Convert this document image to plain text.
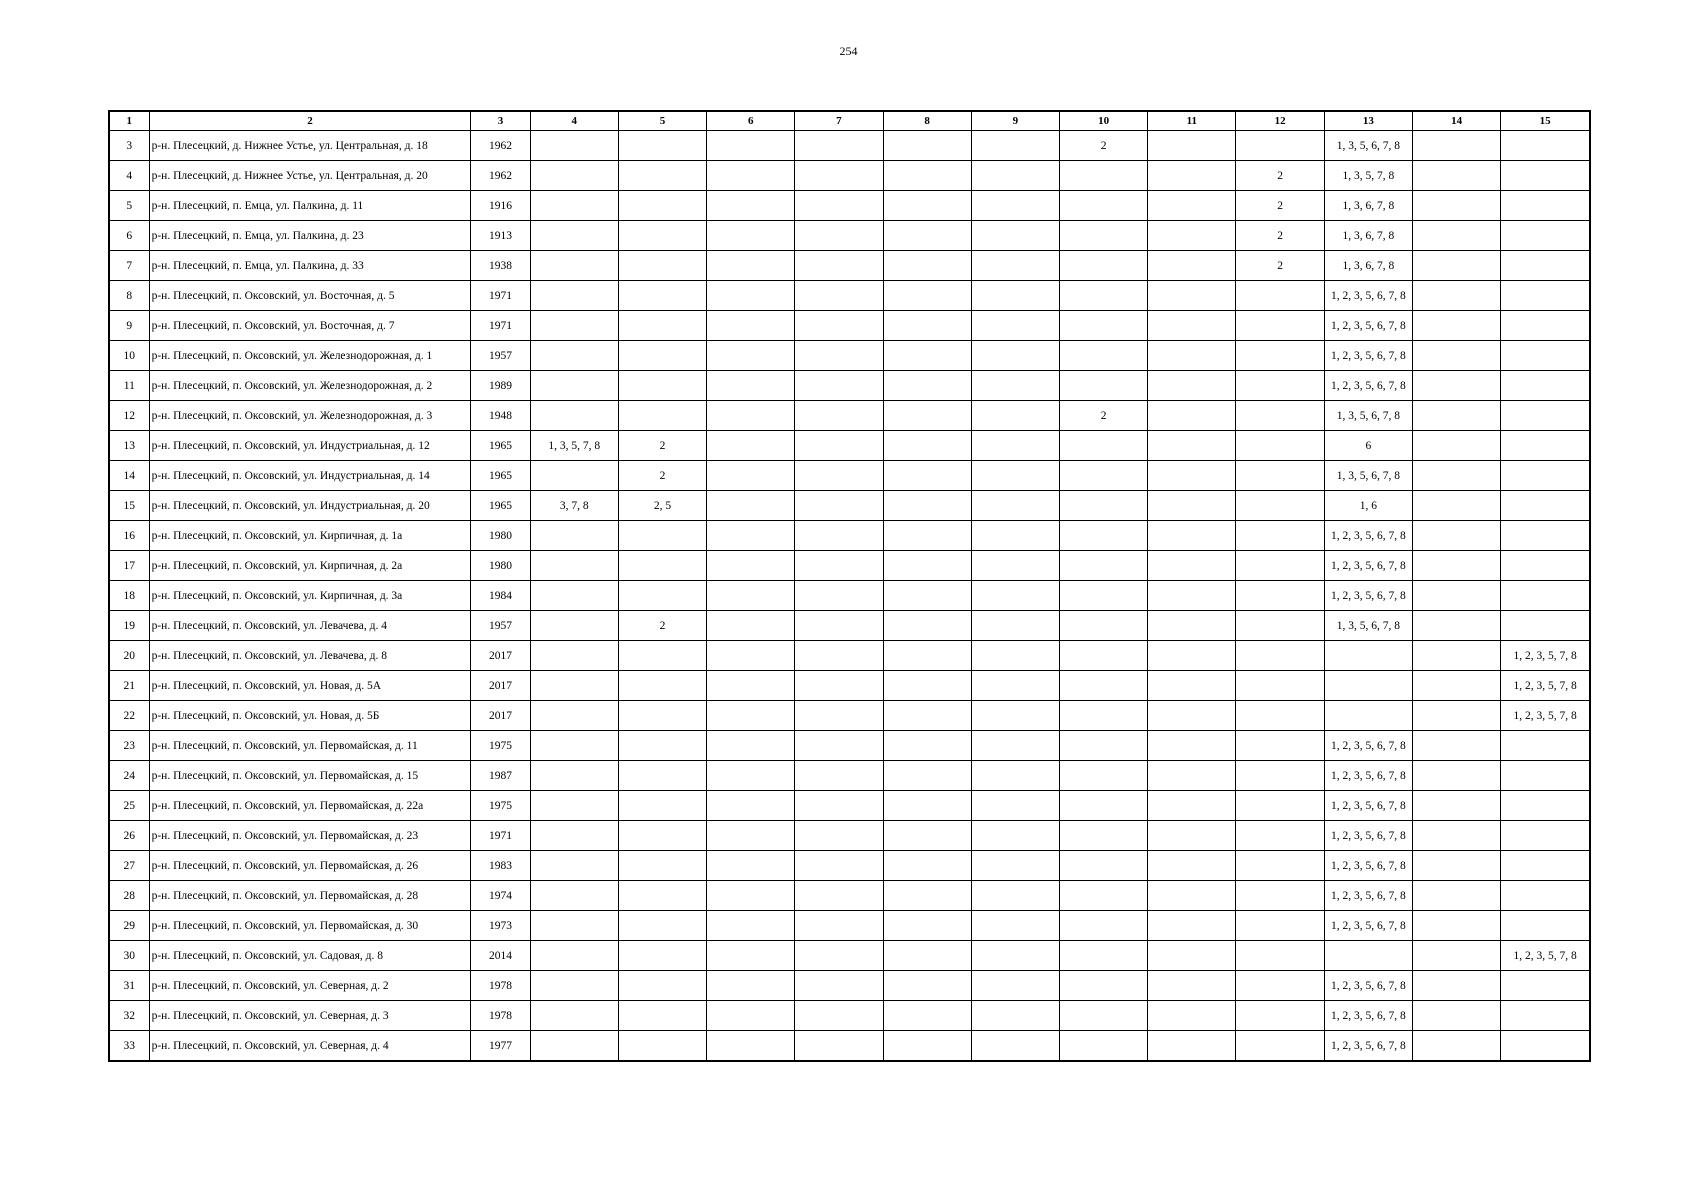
254
1	2	3	4	5	6	7	8	9	10	11	12	13	14	15
3	р-н. Плесецкий, д. Нижнее Устье, ул. Центральная, д. 18	1962							2			1, 3, 5, 6, 7, 8		
4	р-н. Плесецкий, д. Нижнее Устье, ул. Центральная, д. 20	1962									2	1, 3, 5, 7, 8		
5	р-н. Плесецкий, п. Емца, ул. Палкина, д. 11	1916									2	1, 3, 6, 7, 8		
6	р-н. Плесецкий, п. Емца, ул. Палкина, д. 23	1913									2	1, 3, 6, 7, 8		
7	р-н. Плесецкий, п. Емца, ул. Палкина, д. 33	1938									2	1, 3, 6, 7, 8		
8	р-н. Плесецкий, п. Оксовский, ул. Восточная, д. 5	1971										1, 2, 3, 5, 6, 7, 8		
9	р-н. Плесецкий, п. Оксовский, ул. Восточная, д. 7	1971										1, 2, 3, 5, 6, 7, 8		
10	р-н. Плесецкий, п. Оксовский, ул. Железнодорожная, д. 1	1957										1, 2, 3, 5, 6, 7, 8		
11	р-н. Плесецкий, п. Оксовский, ул. Железнодорожная, д. 2	1989										1, 2, 3, 5, 6, 7, 8		
12	р-н. Плесецкий, п. Оксовский, ул. Железнодорожная, д. 3	1948							2			1, 3, 5, 6, 7, 8		
13	р-н. Плесецкий, п. Оксовский, ул. Индустриальная, д. 12	1965	1, 3, 5, 7, 8	2								6		
14	р-н. Плесецкий, п. Оксовский, ул. Индустриальная, д. 14	1965		2								1, 3, 5, 6, 7, 8		
15	р-н. Плесецкий, п. Оксовский, ул. Индустриальная, д. 20	1965	3, 7, 8	2, 5								1, 6		
16	р-н. Плесецкий, п. Оксовский, ул. Кирпичная, д. 1а	1980										1, 2, 3, 5, 6, 7, 8		
17	р-н. Плесецкий, п. Оксовский, ул. Кирпичная, д. 2а	1980										1, 2, 3, 5, 6, 7, 8		
18	р-н. Плесецкий, п. Оксовский, ул. Кирпичная, д. 3а	1984										1, 2, 3, 5, 6, 7, 8		
19	р-н. Плесецкий, п. Оксовский, ул. Левачева, д. 4	1957		2								1, 3, 5, 6, 7, 8		
20	р-н. Плесецкий, п. Оксовский, ул. Левачева, д. 8	2017												1, 2, 3, 5, 7, 8
21	р-н. Плесецкий, п. Оксовский, ул. Новая, д. 5А	2017												1, 2, 3, 5, 7, 8
22	р-н. Плесецкий, п. Оксовский, ул. Новая, д. 5Б	2017												1, 2, 3, 5, 7, 8
23	р-н. Плесецкий, п. Оксовский, ул. Первомайская, д. 11	1975										1, 2, 3, 5, 6, 7, 8		
24	р-н. Плесецкий, п. Оксовский, ул. Первомайская, д. 15	1987										1, 2, 3, 5, 6, 7, 8		
25	р-н. Плесецкий, п. Оксовский, ул. Первомайская, д. 22а	1975										1, 2, 3, 5, 6, 7, 8		
26	р-н. Плесецкий, п. Оксовский, ул. Первомайская, д. 23	1971										1, 2, 3, 5, 6, 7, 8		
27	р-н. Плесецкий, п. Оксовский, ул. Первомайская, д. 26	1983										1, 2, 3, 5, 6, 7, 8		
28	р-н. Плесецкий, п. Оксовский, ул. Первомайская, д. 28	1974										1, 2, 3, 5, 6, 7, 8		
29	р-н. Плесецкий, п. Оксовский, ул. Первомайская, д. 30	1973										1, 2, 3, 5, 6, 7, 8		
30	р-н. Плесецкий, п. Оксовский, ул. Садовая, д. 8	2014												1, 2, 3, 5, 7, 8
31	р-н. Плесецкий, п. Оксовский, ул. Северная, д. 2	1978										1, 2, 3, 5, 6, 7, 8		
32	р-н. Плесецкий, п. Оксовский, ул. Северная, д. 3	1978										1, 2, 3, 5, 6, 7, 8		
33	р-н. Плесецкий, п. Оксовский, ул. Северная, д. 4	1977										1, 2, 3, 5, 6, 7, 8		
